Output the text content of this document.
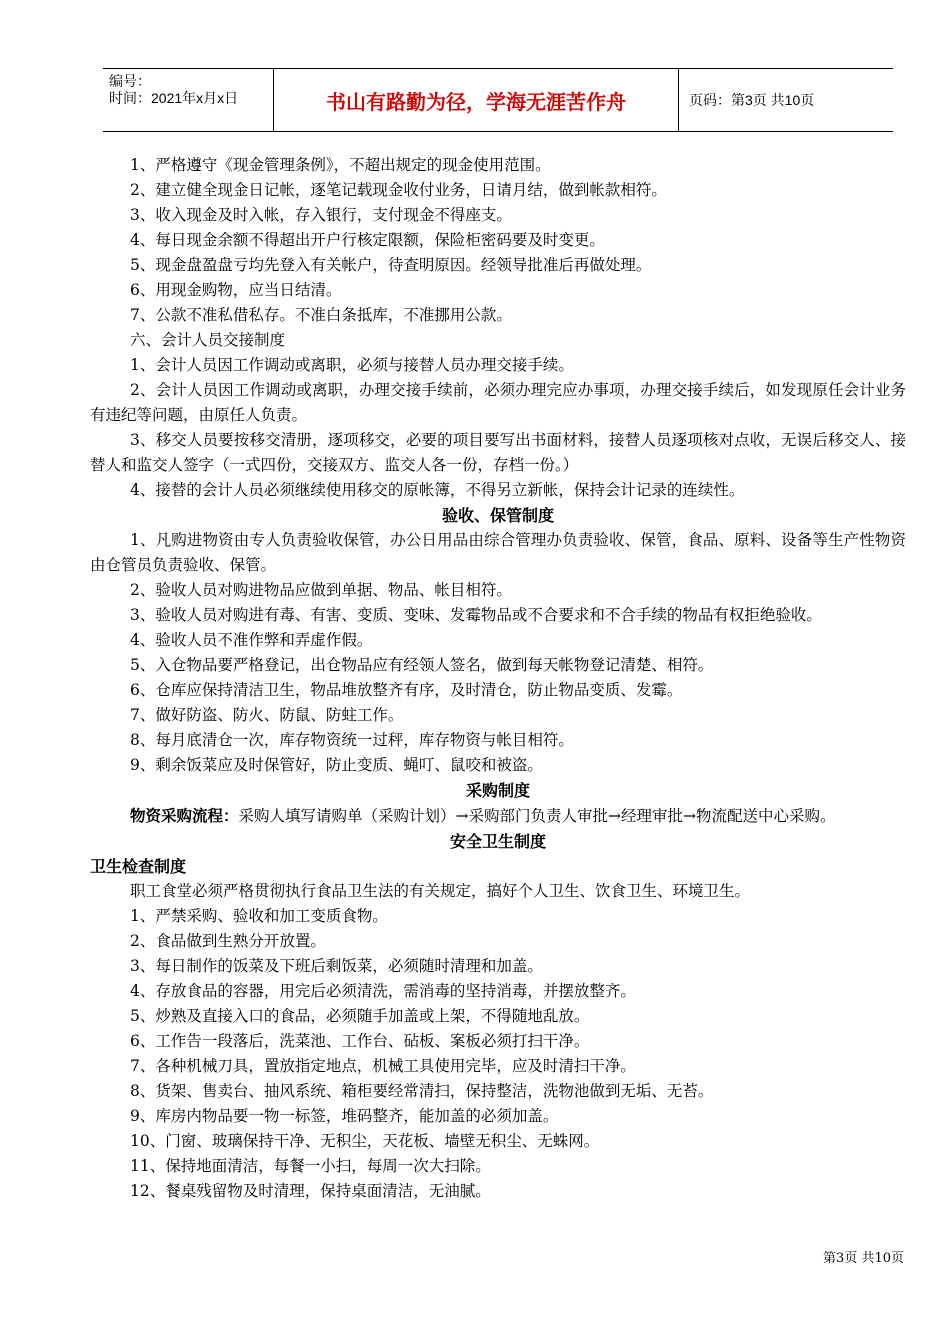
编号：
时间：2021年x月x日	书山有路勤为径，学海无涯苦作舟	页码：第3页 共10页

1、严格遵守《现金管理条例》，不超出规定的现金使用范围。

2、建立健全现金日记帐，逐笔记载现金收付业务，日请月结，做到帐款相符。

3、收入现金及时入帐，存入银行，支付现金不得座支。

4、每日现金余额不得超出开户行核定限额，保险柜密码要及时变更。

5、现金盘盈盘亏均先登入有关帐户，待查明原因。经领导批准后再做处理。

6、用现金购物，应当日结清。

7、公款不准私借私存。不准白条抵库，不准挪用公款。

六、会计人员交接制度

1、会计人员因工作调动或离职，必须与接替人员办理交接手续。

2、会计人员因工作调动或离职，办理交接手续前，必须办理完应办事项，办理交接手续后，如发现原任会计业务有违纪等问题，由原任人负责。

3、移交人员要按移交清册，逐项移交，必要的项目要写出书面材料，接替人员逐项核对点收，无误后移交人、接替人和监交人签字（一式四份，交接双方、监交人各一份，存档一份。）

4、接替的会计人员必须继续使用移交的原帐簿，不得另立新帐，保持会计记录的连续性。

验收、保管制度

1、凡购进物资由专人负责验收保管，办公日用品由综合管理办负责验收、保管，食品、原料、设备等生产性物资由仓管员负责验收、保管。

2、验收人员对购进物品应做到单据、物品、帐目相符。

3、验收人员对购进有毒、有害、变质、变味、发霉物品或不合要求和不合手续的物品有权拒绝验收。

4、验收人员不准作弊和弄虚作假。

5、入仓物品要严格登记，出仓物品应有经领人签名，做到每天帐物登记清楚、相符。

6、仓库应保持清洁卫生，物品堆放整齐有序，及时清仓，防止物品变质、发霉。

7、做好防盗、防火、防鼠、防蛀工作。

8、每月底清仓一次，库存物资统一过秤，库存物资与帐目相符。

9、剩余饭菜应及时保管好，防止变质、蝇叮、鼠咬和被盗。

采购制度

物资采购流程：采购人填写请购单（采购计划）→采购部门负责人审批→经理审批→物流配送中心采购。

安全卫生制度

卫生检查制度

职工食堂必须严格贯彻执行食品卫生法的有关规定，搞好个人卫生、饮食卫生、环境卫生。

1、严禁采购、验收和加工变质食物。

2、食品做到生熟分开放置。

3、每日制作的饭菜及下班后剩饭菜，必须随时清理和加盖。

4、存放食品的容器，用完后必须清洗，需消毒的坚持消毒，并摆放整齐。

5、炒熟及直接入口的食品，必须随手加盖或上架，不得随地乱放。

6、工作告一段落后，洗菜池、工作台、砧板、案板必须打扫干净。

7、各种机械刀具，置放指定地点，机械工具使用完毕，应及时清扫干净。

8、货架、售卖台、抽风系统、箱柜要经常清扫，保持整洁，洗物池做到无垢、无苔。

9、库房内物品要一物一标签，堆码整齐，能加盖的必须加盖。

10、门窗、玻璃保持干净、无积尘，天花板、墙壁无积尘、无蛛网。

11、保持地面清洁，每餐一小扫，每周一次大扫除。

12、餐桌残留物及时清理，保持桌面清洁，无油腻。

第3页 共10页
